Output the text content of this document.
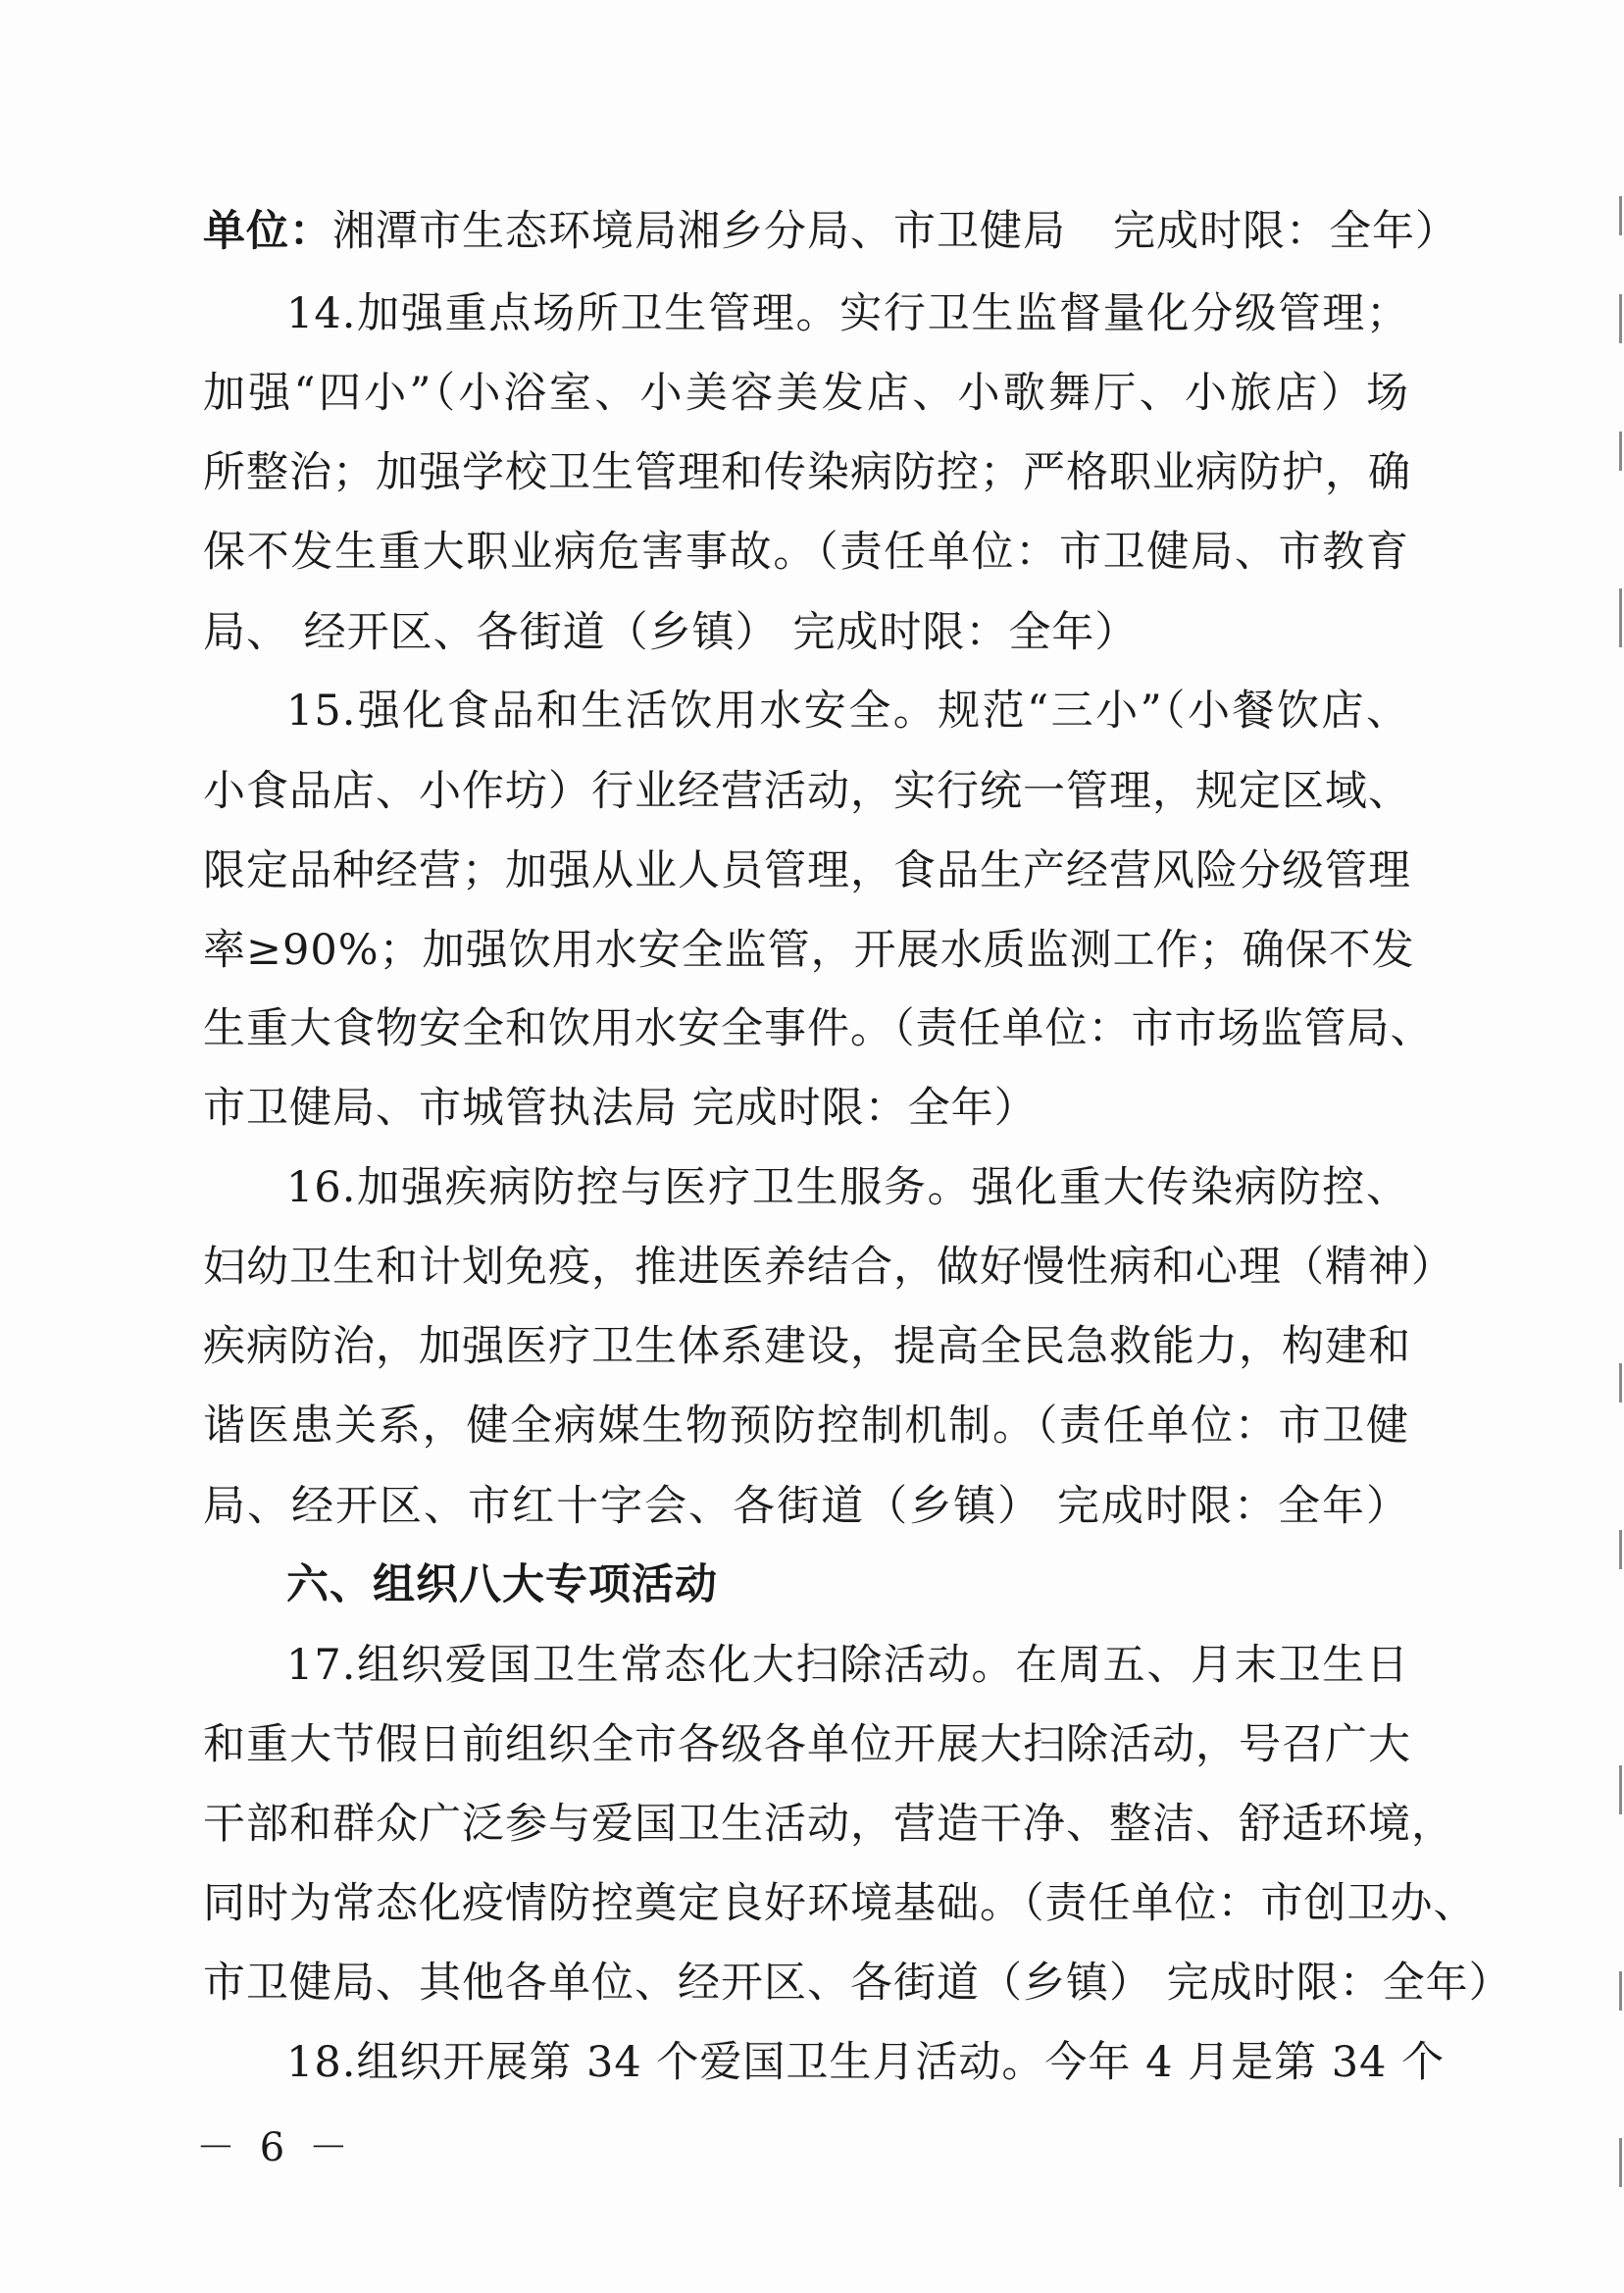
单位：湘潭市生态环境局湘乡分局、市卫健局 完成时限：全年）
14.加强重点场所卫生管理。实行卫生监督量化分级管理；
加强“四小”（小浴室、小美容美发店、小歌舞厅、小旅店）场
所整治；加强学校卫生管理和传染病防控；严格职业病防护，确
保不发生重大职业病危害事故。（责任单位：市卫健局、市教育
局、 经开区、各街道（乡镇） 完成时限：全年）
15.强化食品和生活饮用水安全。规范“三小”（小餐饮店、
小食品店、小作坊）行业经营活动，实行统一管理，规定区域、
限定品种经营；加强从业人员管理，食品生产经营风险分级管理
率≥90%；加强饮用水安全监管，开展水质监测工作；确保不发
生重大食物安全和饮用水安全事件。（责任单位：市市场监管局、
市卫健局、市城管执法局 完成时限：全年）
16.加强疾病防控与医疗卫生服务。强化重大传染病防控、
妇幼卫生和计划免疫，推进医养结合，做好慢性病和心理（精神）
疾病防治，加强医疗卫生体系建设，提高全民急救能力，构建和
谐医患关系，健全病媒生物预防控制机制。（责任单位：市卫健
局、经开区、市红十字会、各街道（乡镇） 完成时限：全年）
六、组织八大专项活动
17.组织爱国卫生常态化大扫除活动。在周五、月末卫生日
和重大节假日前组织全市各级各单位开展大扫除活动，号召广大
干部和群众广泛参与爱国卫生活动，营造干净、整洁、舒适环境，
同时为常态化疫情防控奠定良好环境基础。（责任单位：市创卫办、
市卫健局、其他各单位、经开区、各街道（乡镇） 完成时限：全年）
18.组织开展第 34 个爱国卫生月活动。今年 4 月是第 34 个
－ 6 －
